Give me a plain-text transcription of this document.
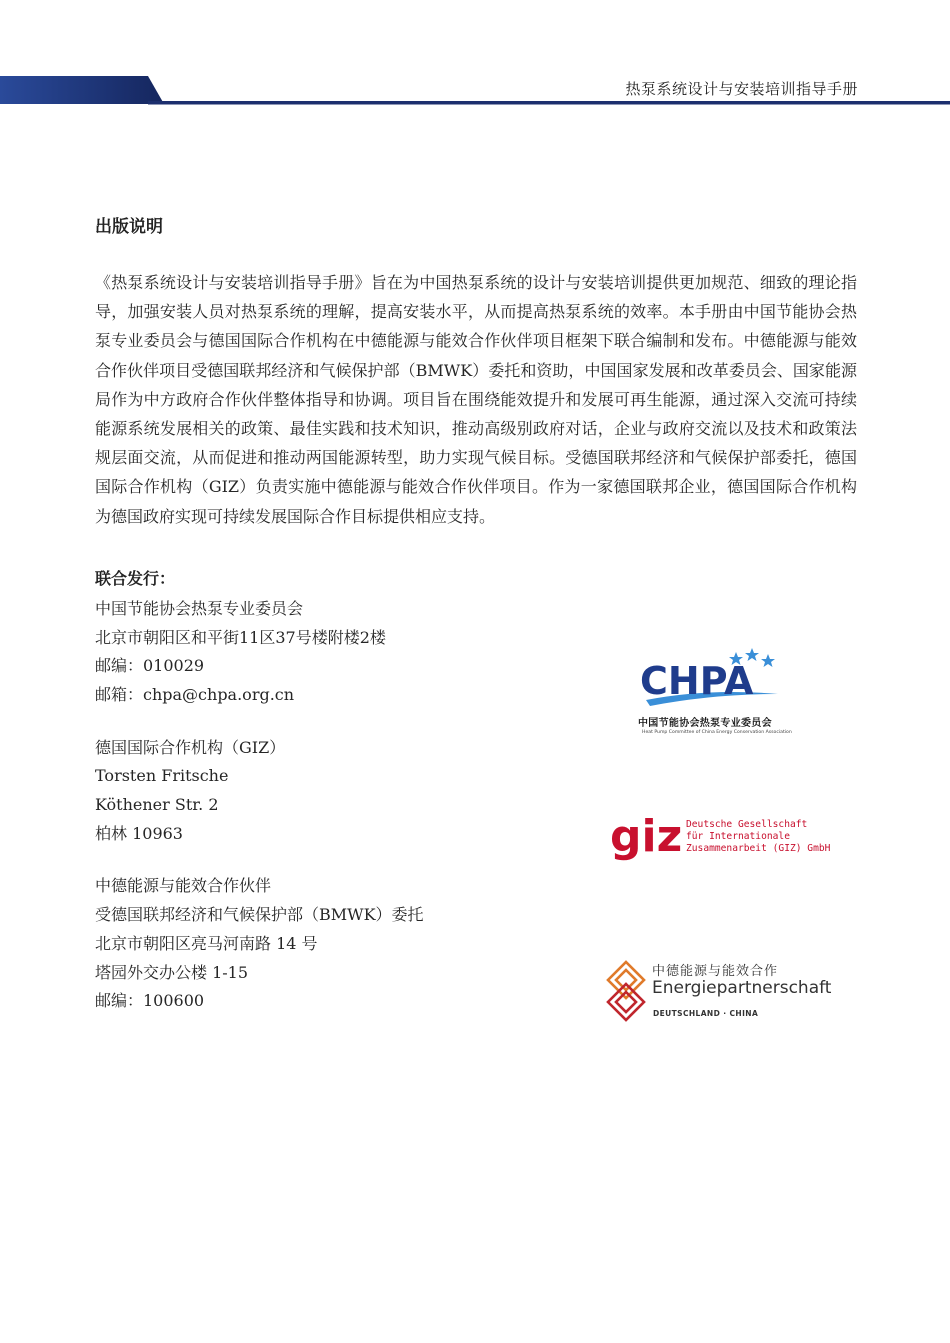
热泵系统设计与安装培训指导手册
出版说明

《热泵系统设计与安装培训指导手册》旨在为中国热泵系统的设计与安装培训提供更加规范、细致的理论指导，加强安装人员对热泵系统的理解，提高安装水平，从而提高热泵系统的效率。本手册由中国节能协会热泵专业委员会与德国国际合作机构在中德能源与能效合作伙伴项目框架下联合编制和发布。中德能源与能效合作伙伴项目受德国联邦经济和气候保护部（BMWK）委托和资助，中国国家发展和改革委员会、国家能源局作为中方政府合作伙伴整体指导和协调。项目旨在围绕能效提升和发展可再生能源，通过深入交流可持续能源系统发展相关的政策、最佳实践和技术知识，推动高级别政府对话，企业与政府交流以及技术和政策法规层面交流，从而促进和推动两国能源转型，助力实现气候目标。受德国联邦经济和气候保护部委托，德国国际合作机构（GIZ）负责实施中德能源与能效合作伙伴项目。作为一家德国联邦企业，德国国际合作机构为德国政府实现可持续发展国际合作目标提供相应支持。

联合发行：
中国节能协会热泵专业委员会
北京市朝阳区和平街11区37号楼附楼2楼
邮编：010029
邮箱：chpa@chpa.org.cn
德国国际合作机构（GIZ）
Torsten Fritsche
Köthener Str. 2
柏林 10963
中德能源与能效合作伙伴
受德国联邦经济和气候保护部（BMWK）委托
北京市朝阳区亮马河南路 14 号
塔园外交办公楼 1-15
邮编：100600
CHPA
中国节能协会热泵专业委员会
Heat Pump Committee of China Energy Conservation Association
giz Deutsche Gesellschaft
für Internationale
Zusammenarbeit (GIZ) GmbH
中德能源与能效合作
Energiepartnerschaft
DEUTSCHLAND · CHINA
